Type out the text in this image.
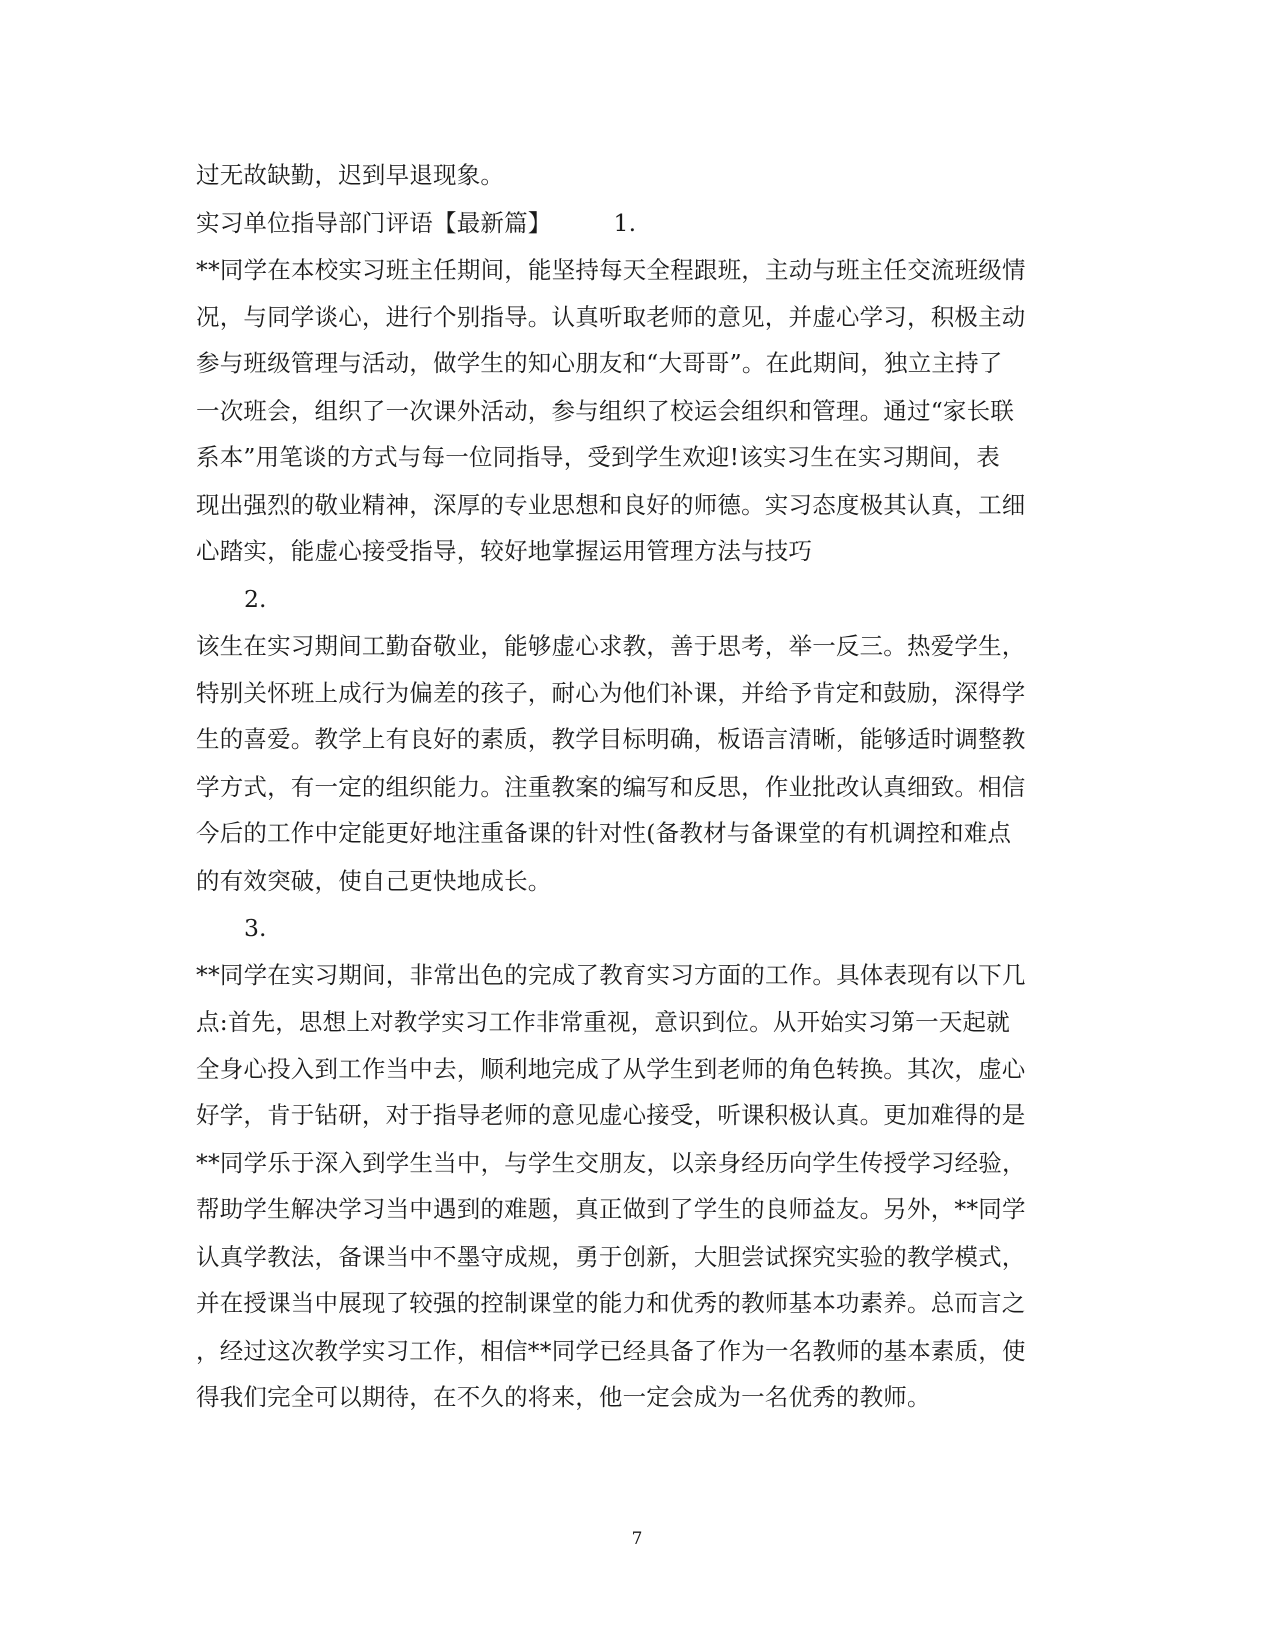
过无故缺勤，迟到早退现象。
实习单位指导部门评语【最新篇】	1.
**同学在本校实习班主任期间，能坚持每天全程跟班，主动与班主任交流班级情
况，与同学谈心，进行个别指导。认真听取老师的意见，并虚心学习，积极主动
参与班级管理与活动，做学生的知心朋友和“大哥哥”。在此期间，独立主持了
一次班会，组织了一次课外活动，参与组织了校运会组织和管理。通过“家长联
系本”用笔谈的方式与每一位同指导，受到学生欢迎!该实习生在实习期间，表
现出强烈的敬业精神，深厚的专业思想和良好的师德。实习态度极其认真，工细
心踏实，能虚心接受指导，较好地掌握运用管理方法与技巧
2.
该生在实习期间工勤奋敬业，能够虚心求教，善于思考，举一反三。热爱学生，
特别关怀班上成行为偏差的孩子，耐心为他们补课，并给予肯定和鼓励，深得学
生的喜爱。教学上有良好的素质，教学目标明确，板语言清晰，能够适时调整教
学方式，有一定的组织能力。注重教案的编写和反思，作业批改认真细致。相信
今后的工作中定能更好地注重备课的针对性(备教材与备课堂的有机调控和难点
的有效突破，使自己更快地成长。
3.
**同学在实习期间，非常出色的完成了教育实习方面的工作。具体表现有以下几
点:首先，思想上对教学实习工作非常重视，意识到位。从开始实习第一天起就
全身心投入到工作当中去，顺利地完成了从学生到老师的角色转换。其次，虚心
好学，肯于钻研，对于指导老师的意见虚心接受，听课积极认真。更加难得的是
**同学乐于深入到学生当中，与学生交朋友，以亲身经历向学生传授学习经验，
帮助学生解决学习当中遇到的难题，真正做到了学生的良师益友。另外，**同学
认真学教法，备课当中不墨守成规，勇于创新，大胆尝试探究实验的教学模式，
并在授课当中展现了较强的控制课堂的能力和优秀的教师基本功素养。总而言之
，经过这次教学实习工作，相信**同学已经具备了作为一名教师的基本素质，使
得我们完全可以期待，在不久的将来，他一定会成为一名优秀的教师。
7
